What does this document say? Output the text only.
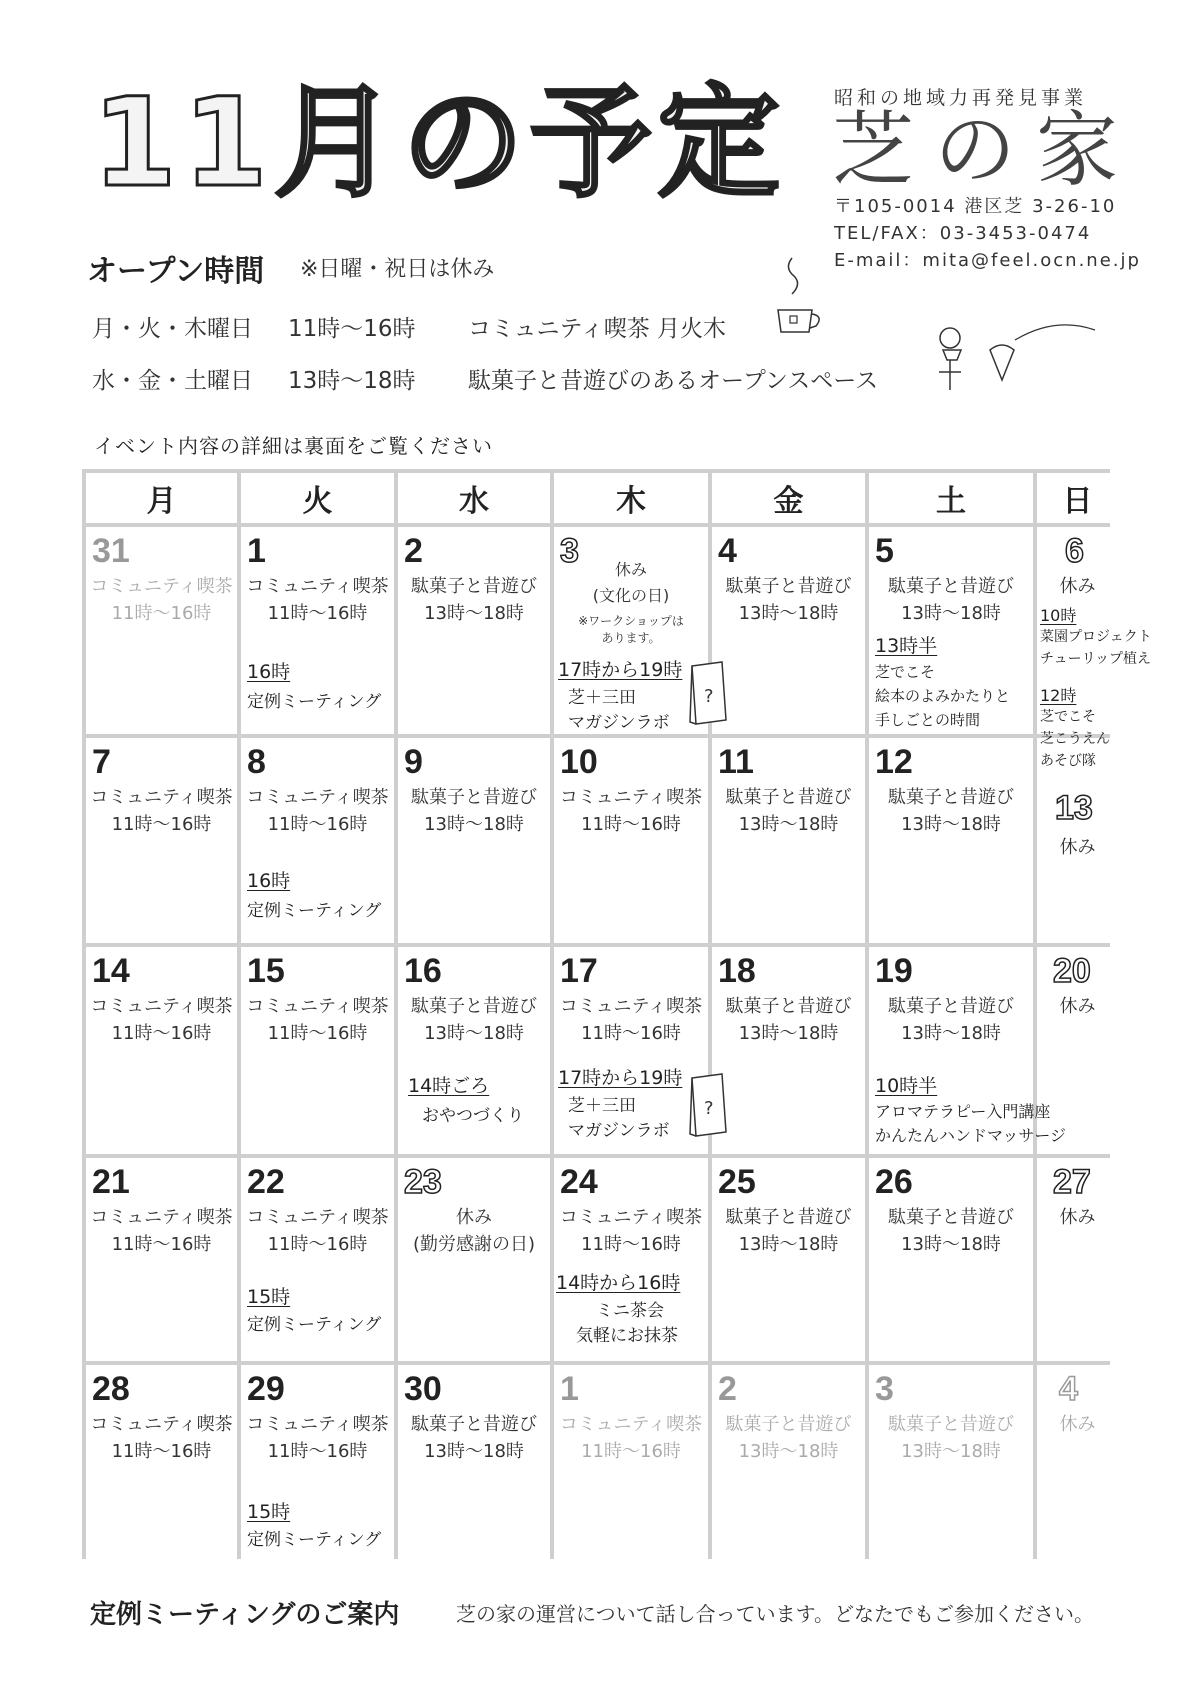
11月の予定	昭和の地域力再発見事業
芝の家
〒105-0014 港区芝 3-26-10
TEL/FAX：03-3453-0474
E-mail：mita@feel.ocn.ne.jp
オープン時間 ※日曜・祝日は休み
月・火・木曜日 11時〜16時 コミュニティ喫茶 月火木
水・金・土曜日 13時〜18時 駄菓子と昔遊びのあるオープンスペース
イベント内容の詳細は裏面をご覧ください
月	火	水	木	金	土	日
31
コミュニティ喫茶
11時〜16時
1
コミュニティ喫茶
11時〜16時
16時
定例ミーティング
2
駄菓子と昔遊び
13時〜18時
3	休み
(文化の日)
※ワークショップは
あります。
17時から19時
芝＋三田
マガジンラボ
4
駄菓子と昔遊び
13時〜18時
5
駄菓子と昔遊び
13時〜18時
13時半
芝でこそ
絵本のよみかたりと
手しごとの時間
6
休み
10時
菜園プロジェクト
チューリップ植え
12時
芝でこそ
芝こうえん
あそび隊
7
コミュニティ喫茶
11時〜16時
8
コミュニティ喫茶
11時〜16時
16時
定例ミーティング
9
駄菓子と昔遊び
13時〜18時
10
コミュニティ喫茶
11時〜16時
11
駄菓子と昔遊び
13時〜18時
12
駄菓子と昔遊び
13時〜18時	13
休み
14
コミュニティ喫茶
11時〜16時
15
コミュニティ喫茶
11時〜16時
16
駄菓子と昔遊び
13時〜18時
14時ごろ
おやつづくり
17
コミュニティ喫茶
11時〜16時
17時から19時
芝＋三田
マガジンラボ
18
駄菓子と昔遊び
13時〜18時
19
駄菓子と昔遊び
13時〜18時
10時半
アロマテラピー入門講座
かんたんハンドマッサージ
20
休み
21
コミュニティ喫茶
11時〜16時
22
コミュニティ喫茶
11時〜16時
15時
定例ミーティング
23
休み
(勤労感謝の日)
24
コミュニティ喫茶
11時〜16時
14時から16時
ミニ茶会
気軽にお抹茶
25
駄菓子と昔遊び
13時〜18時
26
駄菓子と昔遊び
13時〜18時
27
休み
28
コミュニティ喫茶
11時〜16時
29
コミュニティ喫茶
11時〜16時
15時
定例ミーティング
30
駄菓子と昔遊び
13時〜18時
1
コミュニティ喫茶
11時〜16時
2
駄菓子と昔遊び
13時〜18時
3
駄菓子と昔遊び
13時〜18時
4
休み
?
?
定例ミーティングのご案内	芝の家の運営について話し合っています。どなたでもご参加ください。
